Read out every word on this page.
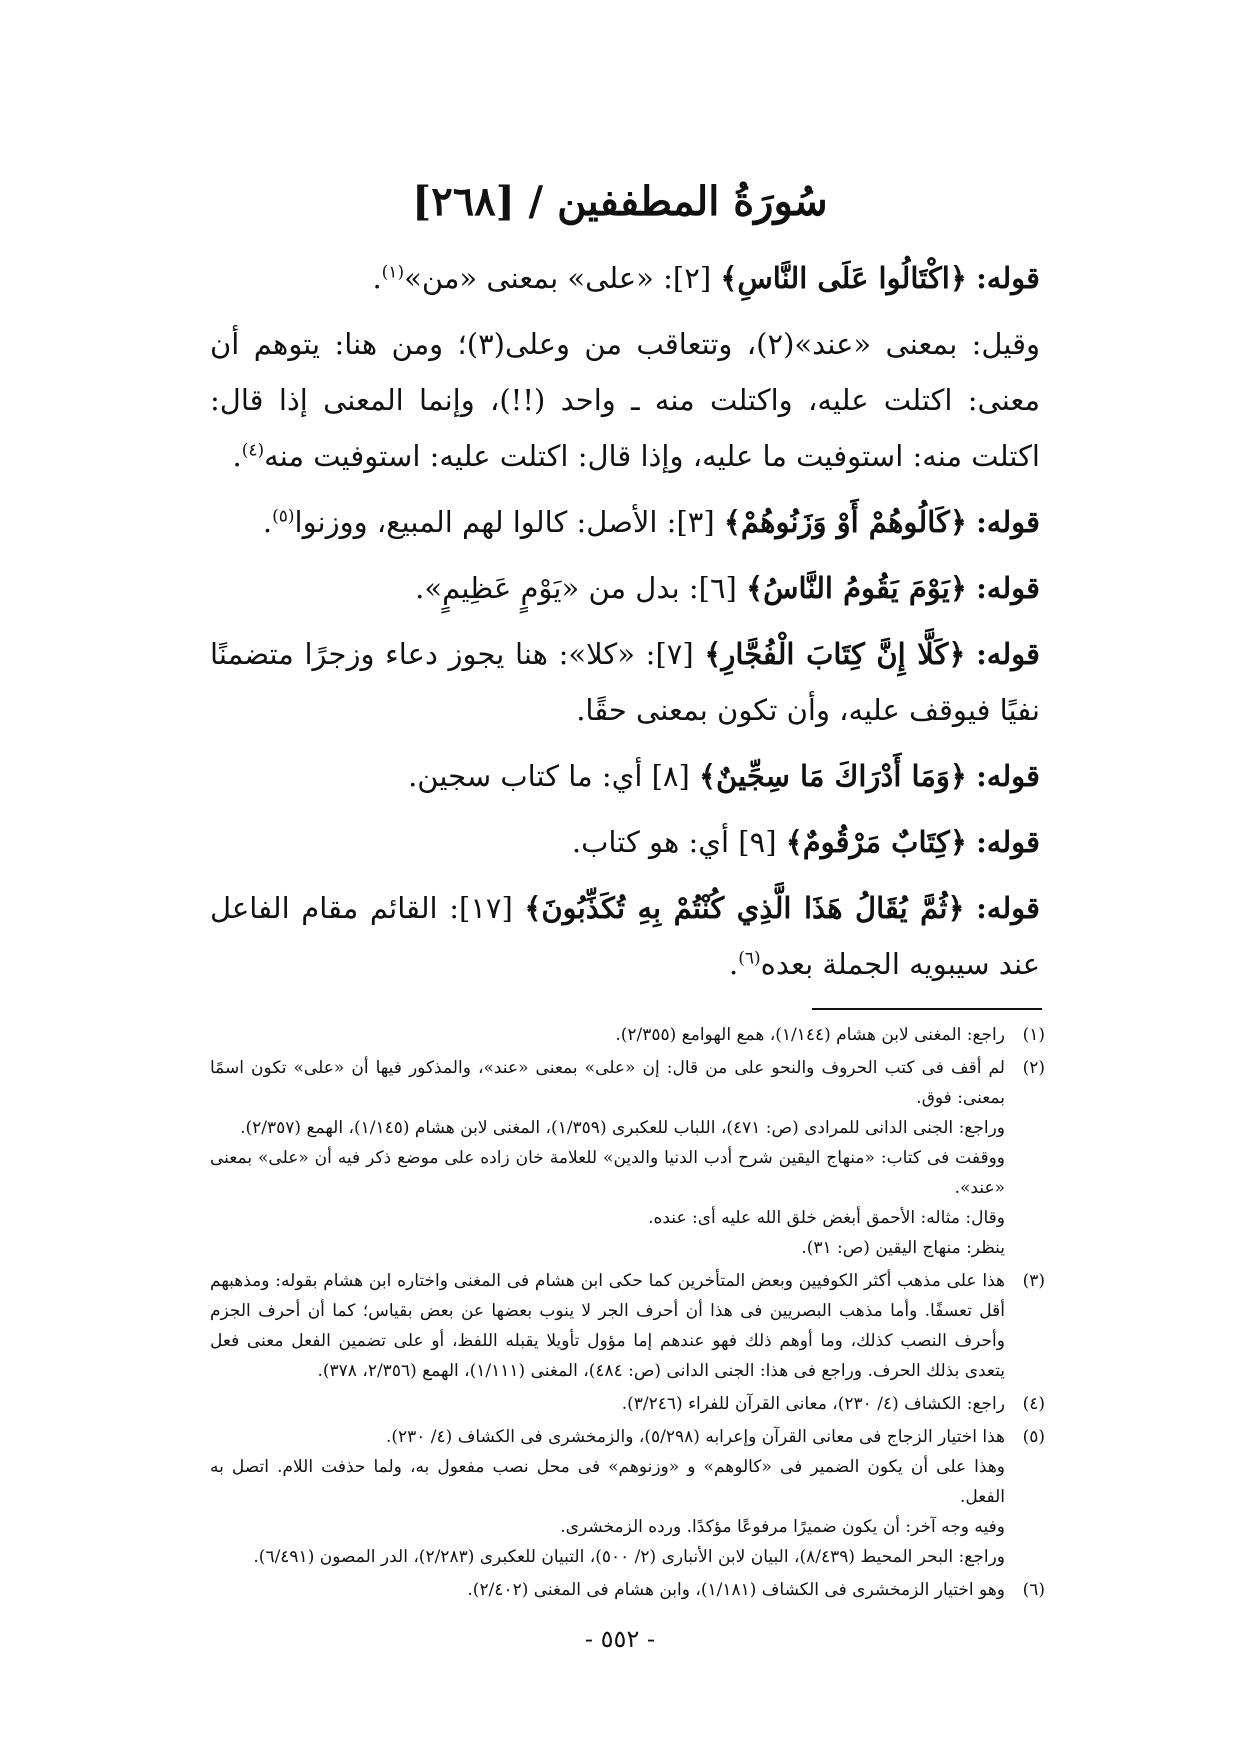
سُورَةُ المطففين / [٢٦٨]

قوله: ﴿اكْتَالُوا عَلَى النَّاسِ﴾ [٢]: «على» بمعنى «من»$^{(١)}$.

وقيل: بمعنى «عند»(٢)، وتتعاقب من وعلى(٣)؛ ومن هنا: يتوهم أن معنى: اكتلت عليه، واكتلت منه ـ واحد (!!)، وإنما المعنى إذا قال: اكتلت منه: استوفيت ما عليه، وإذا قال: اكتلت عليه: استوفيت منه$^{(٤)}$.

قوله: ﴿كَالُوهُمْ أَوْ وَزَنُوهُمْ﴾ [٣]: الأصل: كالوا لهم المبيع، ووزنوا$^{(٥)}$.

قوله: ﴿يَوْمَ يَقُومُ النَّاسُ﴾ [٦]: بدل من «يَوْمٍ عَظِيمٍ».

قوله: ﴿كَلَّا إِنَّ كِتَابَ الْفُجَّارِ﴾ [٧]: «كلا»: هنا يجوز دعاء وزجرًا متضمنًا نفيًا فيوقف عليه، وأن تكون بمعنى حقًا.

قوله: ﴿وَمَا أَدْرَاكَ مَا سِجِّينٌ﴾ [٨] أي: ما كتاب سجين.

قوله: ﴿كِتَابٌ مَرْقُومٌ﴾ [٩] أي: هو كتاب.

قوله: ﴿ثُمَّ يُقَالُ هَذَا الَّذِي كُنْتُمْ بِهِ تُكَذِّبُونَ﴾ [١٧]: القائم مقام الفاعل عند سيبويه الجملة بعده$^{(٦)}$.

(١)
راجع: المغنى لابن هشام (١/١٤٤)، همع الهوامع (٢/٣٥٥).
(٢)
لم أقف فى كتب الحروف والنحو على من قال: إن «على» بمعنى «عند»، والمذكور فيها أن «على» تكون اسمًا بمعنى: فوق.
وراجع: الجنى الدانى للمرادى (ص: ٤٧١)، اللباب للعكبرى (١/٣٥٩)، المغنى لابن هشام (١/١٤٥)، الهمع (٢/٣٥٧).
ووقفت فى كتاب: «منهاج اليقين شرح أدب الدنيا والدين» للعلامة خان زاده على موضع ذكر فيه أن «على» بمعنى «عند».
وقال: مثاله: الأحمق أبغض خلق الله عليه أى: عنده.
ينظر: منهاج اليقين (ص: ٣١).
(٣)
هذا على مذهب أكثر الكوفيين وبعض المتأخرين كما حكى ابن هشام فى المغنى واختاره ابن هشام بقوله: ومذهبهم أقل تعسفًا. وأما مذهب البصريين فى هذا أن أحرف الجر لا ينوب بعضها عن بعض بقياس؛ كما أن أحرف الجزم وأحرف النصب كذلك، وما أوهم ذلك فهو عندهم إما مؤول تأويلا يقبله اللفظ، أو على تضمين الفعل معنى فعل يتعدى بذلك الحرف. وراجع فى هذا: الجنى الدانى (ص: ٤٨٤)، المغنى (١/١١١)، الهمع (٢/٣٥٦، ٣٧٨).
(٤)
راجع: الكشاف (٤/ ٢٣٠)، معانى القرآن للفراء (٣/٢٤٦).
(٥)
هذا اختيار الزجاج فى معانى القرآن وإعرابه (٥/٢٩٨)، والزمخشرى فى الكشاف (٤/ ٢٣٠).
وهذا على أن يكون الضمير فى «كالوهم» و «وزنوهم» فى محل نصب مفعول به، ولما حذفت اللام. اتصل به الفعل.
وفيه وجه آخر: أن يكون ضميرًا مرفوعًا مؤكدًا. ورده الزمخشرى.
وراجع: البحر المحيط (٨/٤٣٩)، البيان لابن الأنبارى (٢/ ٥٠٠)، التبيان للعكبرى (٢/٢٨٣)، الدر المصون (٦/٤٩١).
(٦)
وهو اختيار الزمخشرى فى الكشاف (١/١٨١)، وابن هشام فى المغنى (٢/٤٠٢).
- ٥٥٢ -
